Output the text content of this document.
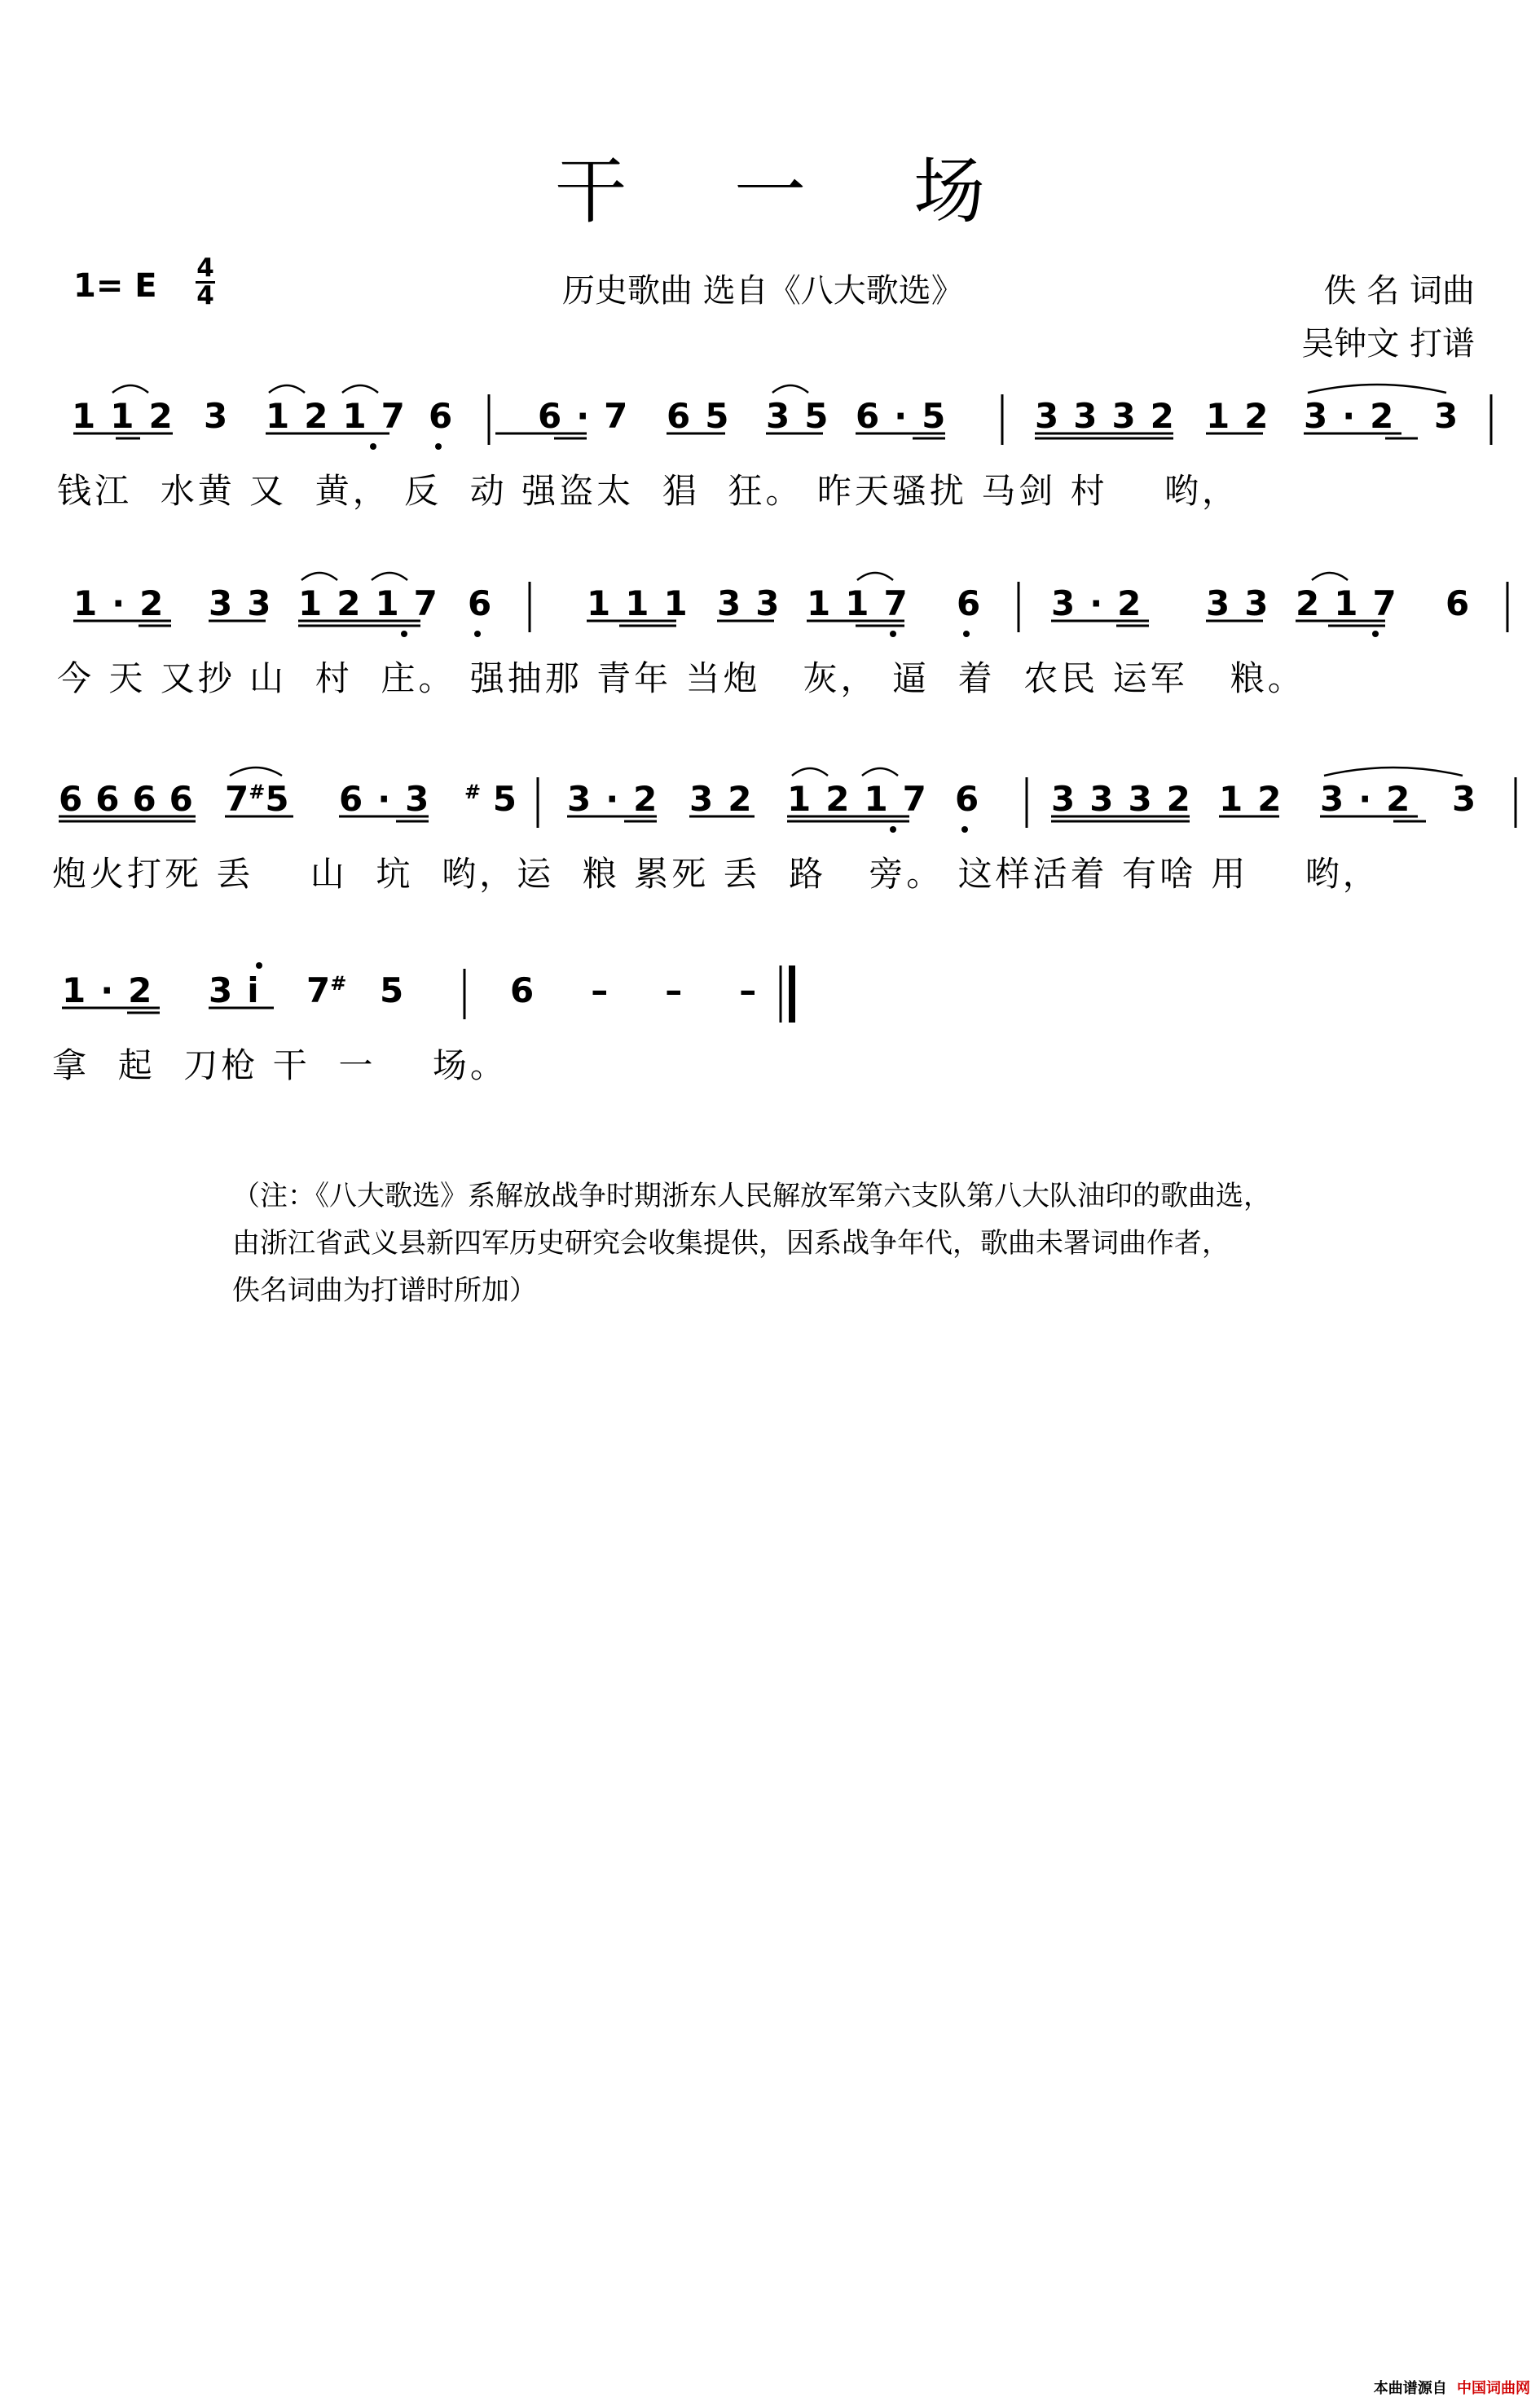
干 一 场
1= E $\frac{4}{4}$	历史歌曲 选自《八大歌选》	佚 名 词曲
吴钟文 打谱
112 3 1217 6 6·7 65 35 6·5 3332 12 3·2 3
钱江  水黄 又  黄， 反  动 强盗太  猖  狂。 昨天骚扰 马剑 村    哟，
1·2 33 1217 6	111 33 117 6 3·2 33 217 6
今 天 又抄 山  村  庄。 强抽那 青年 当炮   灰， 逼  着  农民 运军   粮。
6666 7#5 6·3 # 5 3·2 32 1217 6 3332 12 3·2 3
炮火打死 丢    山  坑  哟，运  粮 累死 丢  路   旁。 这样活着 有啥 用    哟，
1·2 3ⅰ 7# 5	6–––
拿  起  刀枪 干  一    场。
（注：《八大歌选》系解放战争时期浙东人民解放军第六支队第八大队油印的歌曲选，
由浙江省武义县新四军历史研究会收集提供，因系战争年代，歌曲未署词曲作者，
佚名词曲为打谱时所加）
本曲谱源自 中国词曲网
